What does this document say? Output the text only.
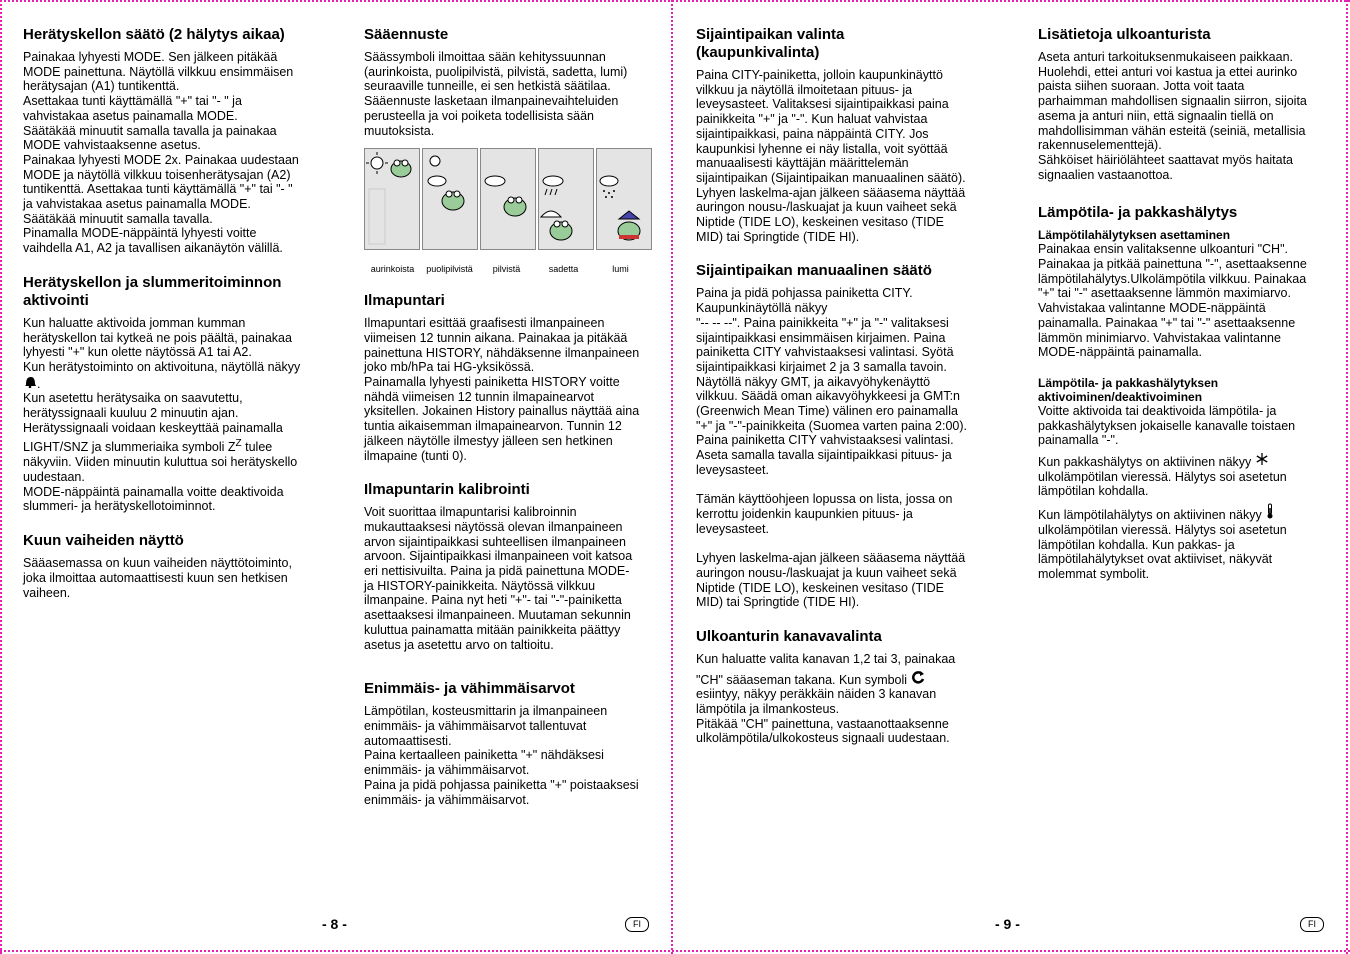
Herätyskellon säätö (2 hälytys aikaa)

Painakaa lyhyesti MODE. Sen jälkeen pitäkää
MODE painettuna. Näytöllä vilkkuu ensimmäisen
herätysajan (A1) tuntikenttä.
Asettakaa tunti käyttämällä "+" tai "- " ja
vahvistakaa asetus painamalla MODE.
Säätäkää minuutit samalla tavalla ja painakaa
MODE vahvistaaksenne asetus.
Painakaa lyhyesti MODE 2x. Painakaa uudestaan
MODE ja näytöllä vilkkuu toisenherätysajan (A2)
tuntikenttä. Asettakaa tunti käyttämällä "+" tai "- "
ja vahvistakaa asetus painamalla MODE.
Säätäkää minuutit samalla tavalla.
Pinamalla MODE-näppäintä lyhyesti voitte
vaihdella A1, A2 ja tavallisen aikanäytön välillä.

Herätyskellon ja slummeritoiminnon aktivointi

Kun haluatte aktivoida jomman kumman
herätyskellon tai kytkeä ne pois päältä, painakaa
lyhyesti "+" kun olette näytössä A1 tai A2.
Kun herätystoiminto on aktivoituna, näytöllä näkyy

.

Kun asetettu herätysaika on saavutettu,
herätyssignaali kuuluu 2 minuutin ajan.
Herätyssignaali voidaan keskeyttää painamalla

LIGHT/SNZ ja slummeriaika symboli $Z^Z$ tulee

näkyviin. Viiden minuutin kuluttua soi herätyskello
uudestaan.
MODE-näppäintä painamalla voitte deaktivoida
slummeri- ja herätyskellotoiminnot.

Kuun vaiheiden näyttö

Sääasemassa on kuun vaiheiden näyttötoiminto,
joka ilmoittaa automaattisesti kuun sen hetkisen
vaiheen.

Sääennuste

Säässymboli ilmoittaa sään kehityssuunnan
(aurinkoista, puolipilvistä, pilvistä, sadetta, lumi)
seuraaville tunneille, ei sen hetkistä säätilaa.
Sääennuste lasketaan ilmanpainevaihteluiden
perusteella ja voi poiketa todellisista sään
muutoksista.

aurinkoista	puolipilvistä	pilvistä	sadetta	lumi
Ilmapuntari

Ilmapuntari esittää graafisesti ilmanpaineen
viimeisen 12 tunnin aikana. Painakaa ja pitäkää
painettuna HISTORY, nähdäksenne ilmanpaineen
joko mb/hPa tai HG-yksikössä.
Painamalla lyhyesti painiketta HISTORY voitte
nähdä viimeisen 12 tunnin ilmapainearvot
yksitellen. Jokainen History painallus näyttää aina
tuntia aikaisemman ilmapainearvon. Tunnin 12
jälkeen näytölle ilmestyy jälleen sen hetkinen
ilmapaine (tunti 0).

Ilmapuntarin kalibrointi

Voit suorittaa ilmapuntarisi kalibroinnin
mukauttaaksesi näytössä olevan ilmanpaineen
arvon sijaintipaikkasi suhteellisen ilmanpaineen
arvoon. Sijaintipaikkasi ilmanpaineen voit katsoa
eri nettisivuilta. Paina ja pidä painettuna MODE-
ja HISTORY-painikkeita. Näytössä vilkkuu
ilmanpaine. Paina nyt heti "+"- tai "-"-painiketta
asettaaksesi ilmanpaineen. Muutaman sekunnin
kuluttua painamatta mitään painikkeita päättyy
asetus ja asetettu arvo on taltioitu.

Enimmäis- ja vähimmäisarvot

Lämpötilan, kosteusmittarin ja ilmanpaineen
enimmäis- ja vähimmäisarvot tallentuvat
automaattisesti.
Paina kertaalleen painiketta "+" nähdäksesi
enimmäis- ja vähimmäisarvot.
Paina ja pidä pohjassa painiketta "+" poistaaksesi
enimmäis- ja vähimmäisarvot.

- 8 -	FI
Sijaintipaikan valinta (kaupunkivalinta)

Paina CITY-painiketta, jolloin kaupunkinäyttö
vilkkuu ja näytöllä ilmoitetaan pituus- ja
leveysasteet. Valitaksesi sijaintipaikkasi paina
painikkeita "+" ja "-". Kun haluat vahvistaa
sijaintipaikkasi, paina näppäintä CITY. Jos
kaupunkisi lyhenne ei näy listalla, voit syöttää
manuaalisesti käyttäjän määrittelemän
sijaintipaikan (Sijaintipaikan manuaalinen säätö).
Lyhyen laskelma-ajan jälkeen sääasema näyttää
auringon nousu-/laskuajat ja kuun vaiheet sekä
Niptide (TIDE LO), keskeinen vesitaso (TIDE
MID) tai Springtide (TIDE HI).

Sijaintipaikan manuaalinen säätö

Paina ja pidä pohjassa painiketta CITY.
Kaupunkinäytöllä näkyy
"-- -- --". Paina painikkeita "+" ja "-" valitaksesi
sijaintipaikkasi ensimmäisen kirjaimen. Paina
painiketta CITY vahvistaaksesi valintasi. Syötä
sijaintipaikkasi kirjaimet 2 ja 3 samalla tavoin.
Näytöllä näkyy GMT, ja aikavyöhykenäyttö
vilkkuu. Säädä oman aikavyöhykkeesi ja GMT:n
(Greenwich Mean Time) välinen ero painamalla
"+" ja "-"-painikkeita (Suomea varten paina 2:00).
Paina painiketta CITY vahvistaaksesi valintasi.
Aseta samalla tavalla sijaintipaikkasi pituus- ja
leveysasteet.

Tämän käyttöohjeen lopussa on lista, jossa on
kerrottu joidenkin kaupunkien pituus- ja
leveysasteet.

Lyhyen laskelma-ajan jälkeen sääasema näyttää
auringon nousu-/laskuajat ja kuun vaiheet sekä
Niptide (TIDE LO), keskeinen vesitaso (TIDE
MID) tai Springtide (TIDE HI).

Ulkoanturin kanavavalinta

Kun haluatte valita kanavan 1,2 tai 3, painakaa

"CH" sääaseman takana. Kun symboli

esiintyy, näkyy peräkkäin näiden 3 kanavan
lämpötila ja ilmankosteus.
Pitäkää "CH" painettuna, vastaanottaaksenne
ulkolämpötila/ulkokosteus signaali uudestaan.

Lisätietoja ulkoanturista

Aseta anturi tarkoituksenmukaiseen paikkaan.
Huolehdi, ettei anturi voi kastua ja ettei aurinko
paista siihen suoraan. Jotta voit taata
parhaimman mahdollisen signaalin siirron, sijoita
asema ja anturi niin, että signaalin tiellä on
mahdollisimman vähän esteitä (seiniä, metallisia
rakennuselementtejä).
Sähköiset häiriölähteet saattavat myös haitata
signaalien vastaanottoa.

Lämpötila- ja pakkashälytys
Lämpötilahälytyksen asettaminen

Painakaa ensin valitaksenne ulkoanturi "CH".
Painakaa ja pitkää painettuna "-", asettaaksenne
lämpötilahälytys.Ulkolämpötila vilkkuu. Painakaa
"+" tai "-" asettaaksenne lämmön maximiarvo.
Vahvistakaa valintanne MODE-näppäintä
painamalla. Painakaa "+" tai "-" asettaaksenne
lämmön minimiarvo. Vahvistakaa valintanne
MODE-näppäintä painamalla.

Lämpötila- ja pakkashälytyksen aktivoiminen/deaktivoiminen

Voitte aktivoida tai deaktivoida lämpötila- ja
pakkashälytyksen jokaiselle kanavalle toistaen
painamalla "-".

Kun pakkashälytys on aktiivinen näkyy

ulkolämpötilan vieressä. Hälytys soi asetetun
lämpötilan kohdalla.

Kun lämpötilahälytys on aktiivinen näkyy

ulkolämpötilan vieressä. Hälytys soi asetetun
lämpötilan kohdalla. Kun pakkas- ja
lämpötilahälytykset ovat aktiiviset, näkyvät
molemmat symbolit.

- 9 -	FI
